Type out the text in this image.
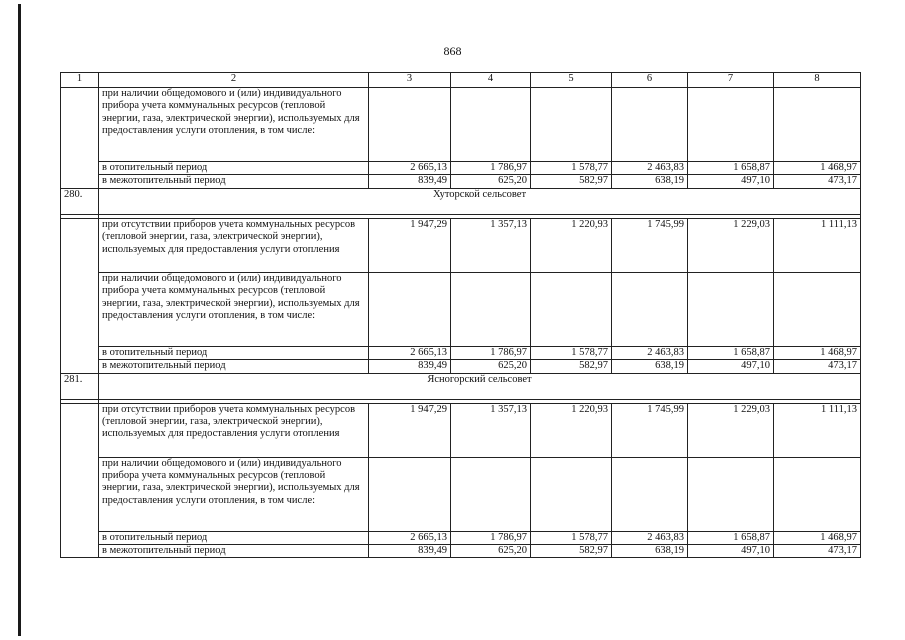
868
1	2	3	4	5	6	7	8
	при наличии общедомового и (или) индивидуального прибора учета коммунальных ресурсов (тепловой энергии, газа, электрической энергии), используемых для предоставления услуги отопления, в том числе:						
	в отопительный период	2 665,13	1 786,97	1 578,77	2 463,83	1 658,87	1 468,97
	в межотопительный период	839,49	625,20	582,97	638,19	497,10	473,17
280.	Хуторской сельсовет						

	при отсутствии приборов учета коммунальных ресурсов (тепловой энергии, газа, электрической энергии), используемых для предоставления услуги отопления	1 947,29	1 357,13	1 220,93	1 745,99	1 229,03	1 111,13
	при наличии общедомового и (или) индивидуального прибора учета коммунальных ресурсов (тепловой энергии, газа, электрической энергии), используемых для предоставления услуги отопления, в том числе:						
	в отопительный период	2 665,13	1 786,97	1 578,77	2 463,83	1 658,87	1 468,97
	в межотопительный период	839,49	625,20	582,97	638,19	497,10	473,17
281.	Ясногорский сельсовет						

	при отсутствии приборов учета коммунальных ресурсов (тепловой энергии, газа, электрической энергии), используемых для предоставления услуги отопления	1 947,29	1 357,13	1 220,93	1 745,99	1 229,03	1 111,13
	при наличии общедомового и (или) индивидуального прибора учета коммунальных ресурсов (тепловой энергии, газа, электрической энергии), используемых для предоставления услуги отопления, в том числе:						
	в отопительный период	2 665,13	1 786,97	1 578,77	2 463,83	1 658,87	1 468,97
	в межотопительный период	839,49	625,20	582,97	638,19	497,10	473,17
